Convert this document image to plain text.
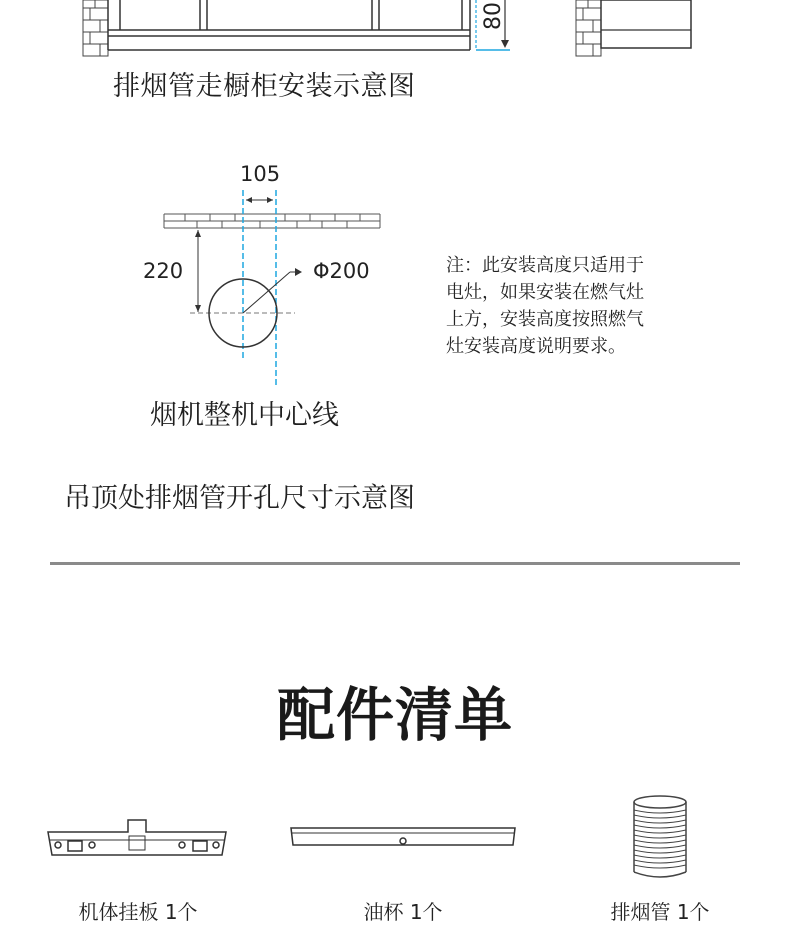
80
排烟管走橱柜安装示意图
105
220	Φ200	注：此安装高度只适用于
电灶，如果安装在燃气灶
上方，安装高度按照燃气
灶安装高度说明要求。
烟机整机中心线
吊顶处排烟管开孔尺寸示意图
配件清单
机体挂板 1个	油杯 1个	排烟管 1个
